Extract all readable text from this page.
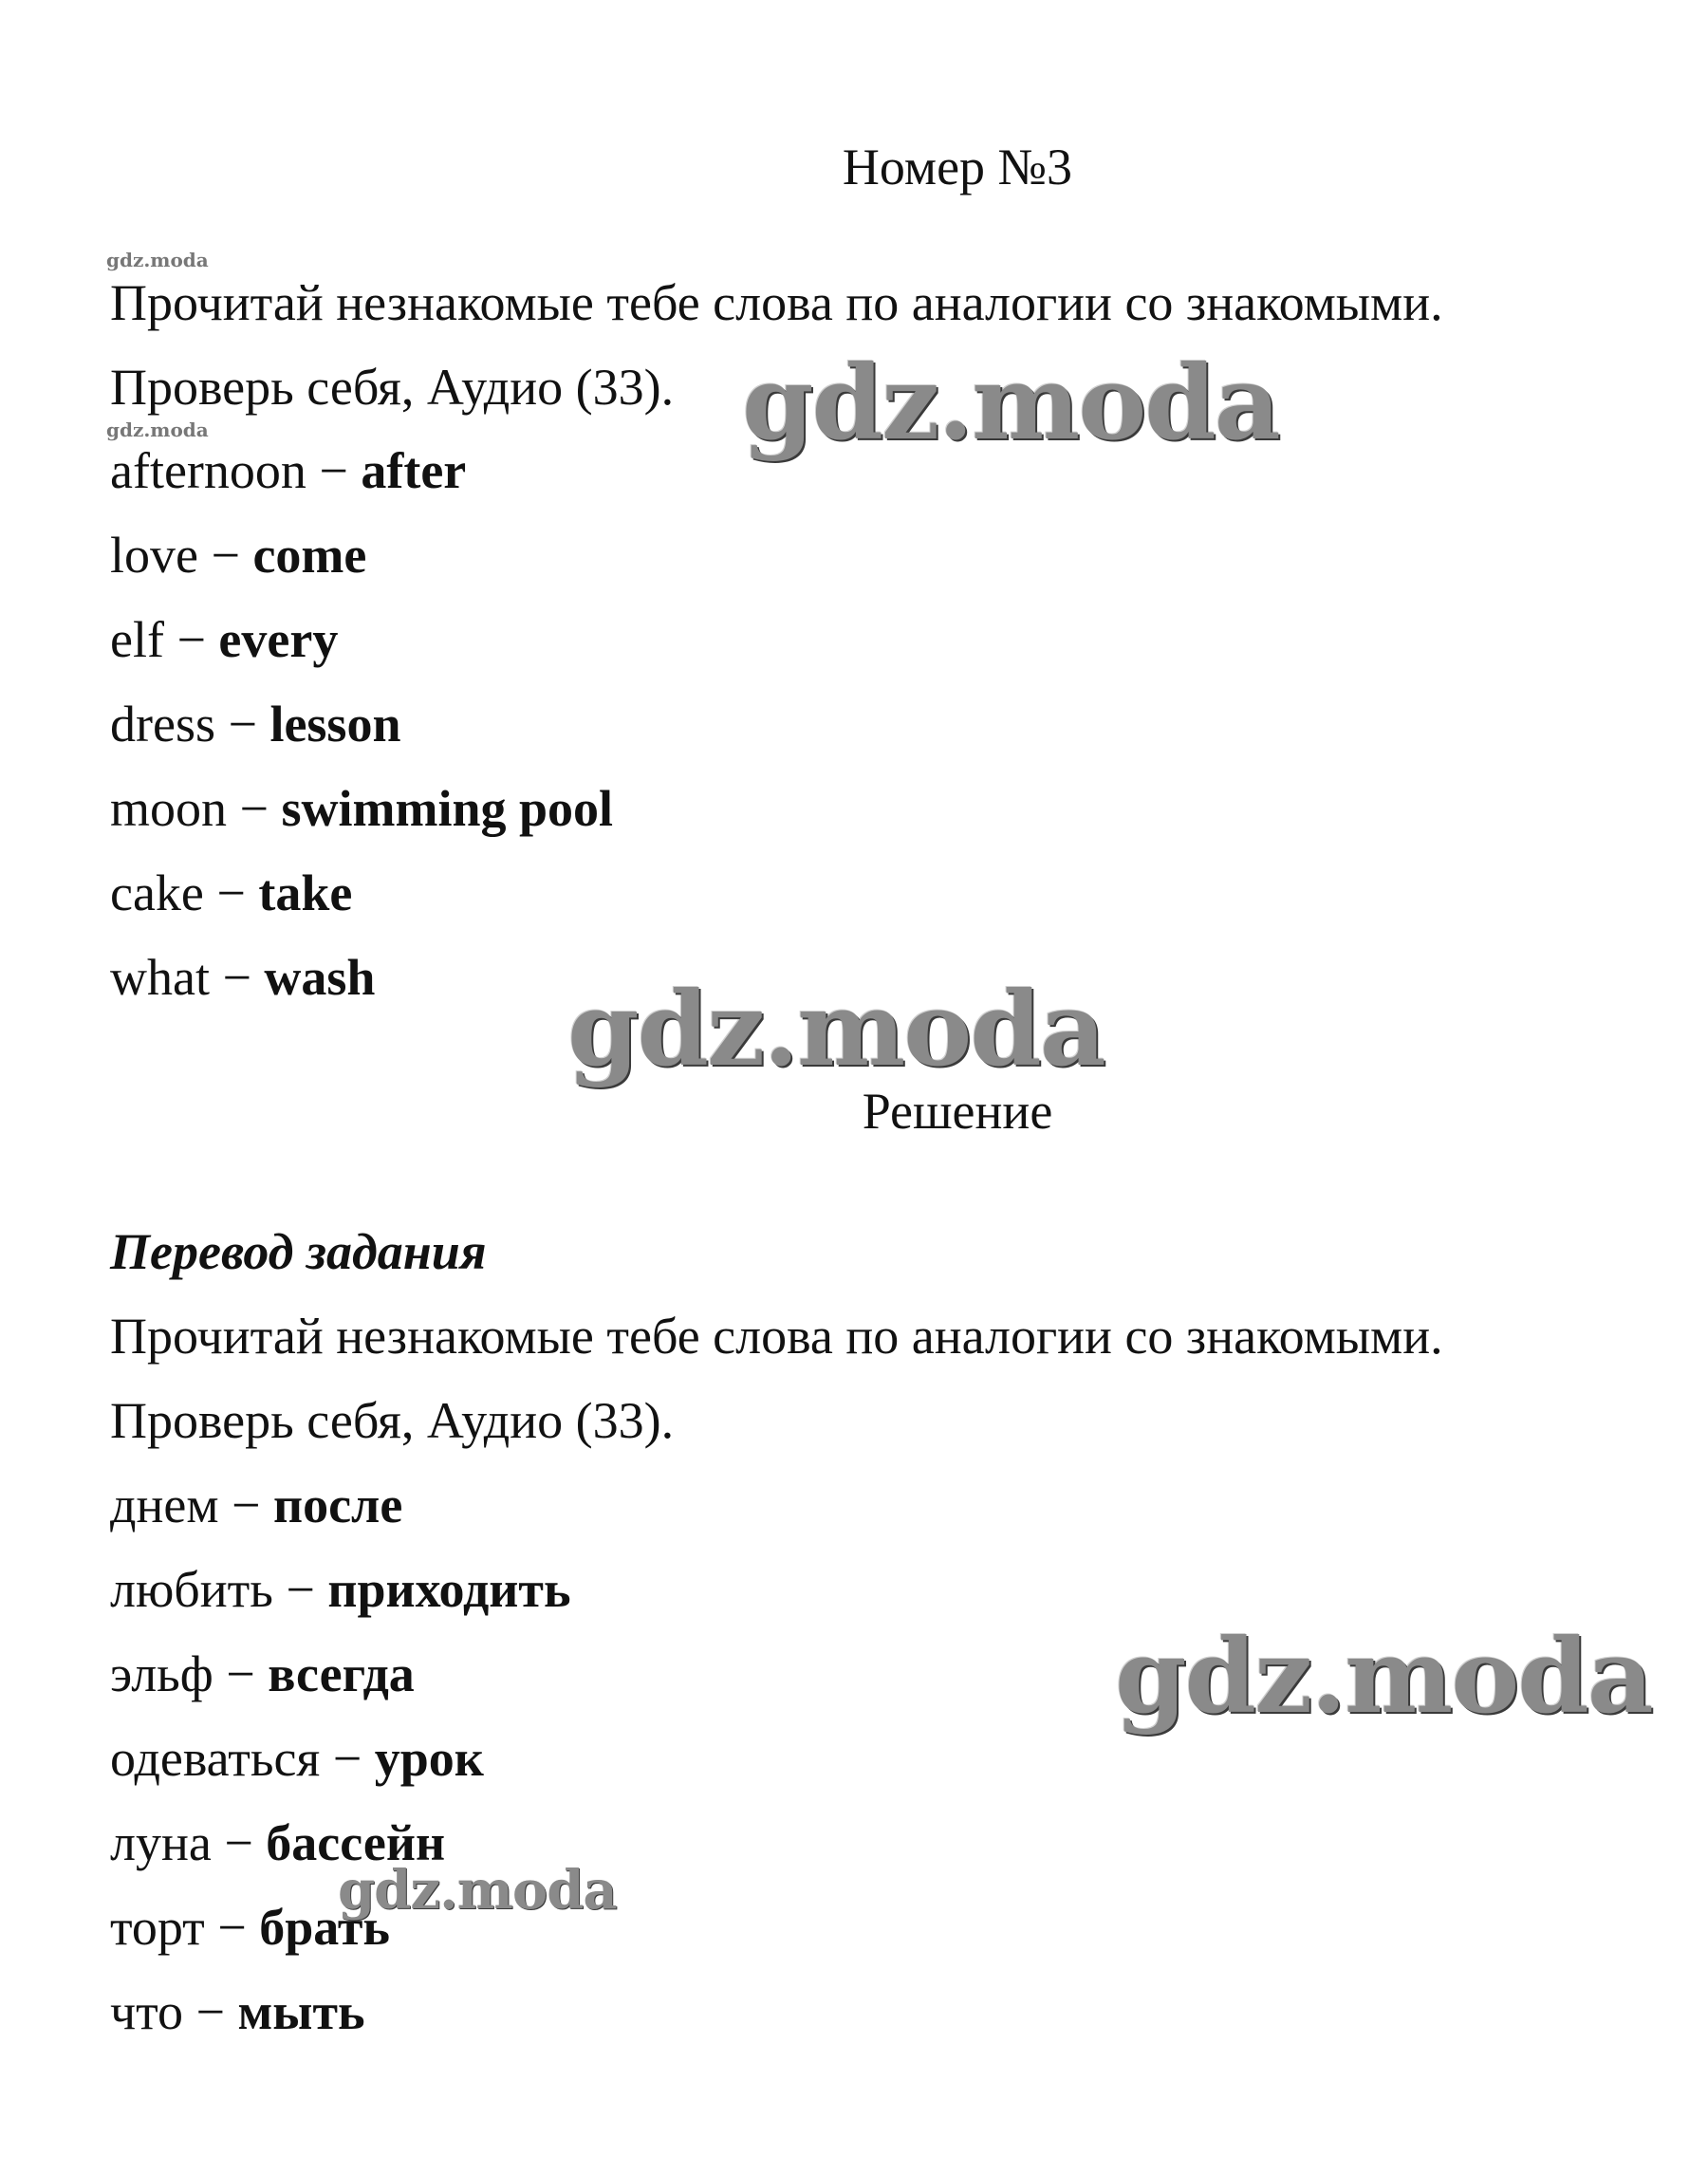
Номер №3
gdz.moda
gdz.moda
Прочитай незнакомые тебе слова по аналогии со знакомыми.
Проверь себя, Аудио (33).
afternoon − after
love − come
elf − every
dress − lesson
moon − swimming pool
cake − take
what − wash
gdz.moda
gdz.moda
Решение
Перевод задания
Прочитай незнакомые тебе слова по аналогии со знакомыми.
Проверь себя, Аудио (33).
днем − после
любить − приходить
эльф − всегда
одеваться − урок
луна − бассейн
торт − брать
что − мыть
gdz.moda
gdz.moda
